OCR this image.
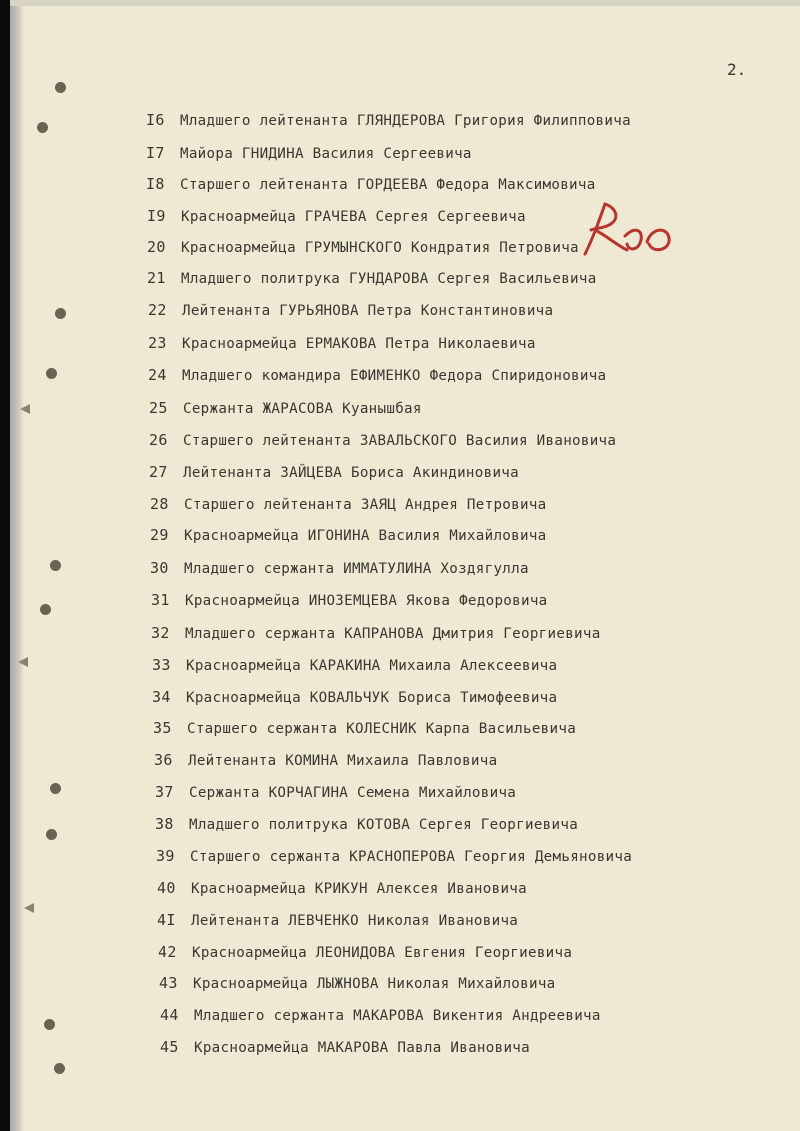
2.
I6 Младшего лейтенанта ГЛЯНДЕРОВА Григория Филипповича
I7 Майора ГНИДИНА Василия Сергеевича
I8 Старшего лейтенанта ГОРДЕЕВА Федора Максимовича
I9 Красноармейца ГРАЧЕВА Сергея Сергеевича
20 Красноармейца ГРУМЫНСКОГО Кондратия Петровича
21 Младшего политрука ГУНДАРОВА Сергея Васильевича
22 Лейтенанта ГУРЬЯНОВА Петра Константиновича
23 Красноармейца ЕРМАКОВА Петра Николаевича
24 Младшего командира ЕФИМЕНКО Федора Спиридоновича
25 Сержанта ЖАРАСОВА Куанышбая
26 Старшего лейтенанта ЗАВАЛЬСКОГО Василия Ивановича
27 Лейтенанта ЗАЙЦЕВА Бориса Акиндиновича
28 Старшего лейтенанта ЗАЯЦ Андрея Петровича
29 Красноармейца ИГОНИНА Василия Михайловича
30 Младшего сержанта ИММАТУЛИНА Хоздягулла
31 Красноармейца ИНОЗЕМЦЕВА Якова Федоровича
32 Младшего сержанта КАПРАНОВА Дмитрия Георгиевича
33 Красноармейца КАРАКИНА Михаила Алексеевича
34 Красноармейца КОВАЛЬЧУК Бориса Тимофеевича
35 Старшего сержанта КОЛЕСНИК Карпа Васильевича
36 Лейтенанта КОМИНА Михаила Павловича
37 Сержанта КОРЧАГИНА Семена Михайловича
38 Младшего политрука КОТОВА Сергея Георгиевича
39 Старшего сержанта КРАСНОПЕРОВА Георгия Демьяновича
40 Красноармейца КРИКУН Алексея Ивановича
4I Лейтенанта ЛЕВЧЕНКО Николая Ивановича
42 Красноармейца ЛЕОНИДОВА Евгения Георгиевича
43 Красноармейца ЛЫЖНОВА Николая Михайловича
44 Младшего сержанта МАКАРОВА Викентия Андреевича
45 Красноармейца МАКАРОВА Павла Ивановича
